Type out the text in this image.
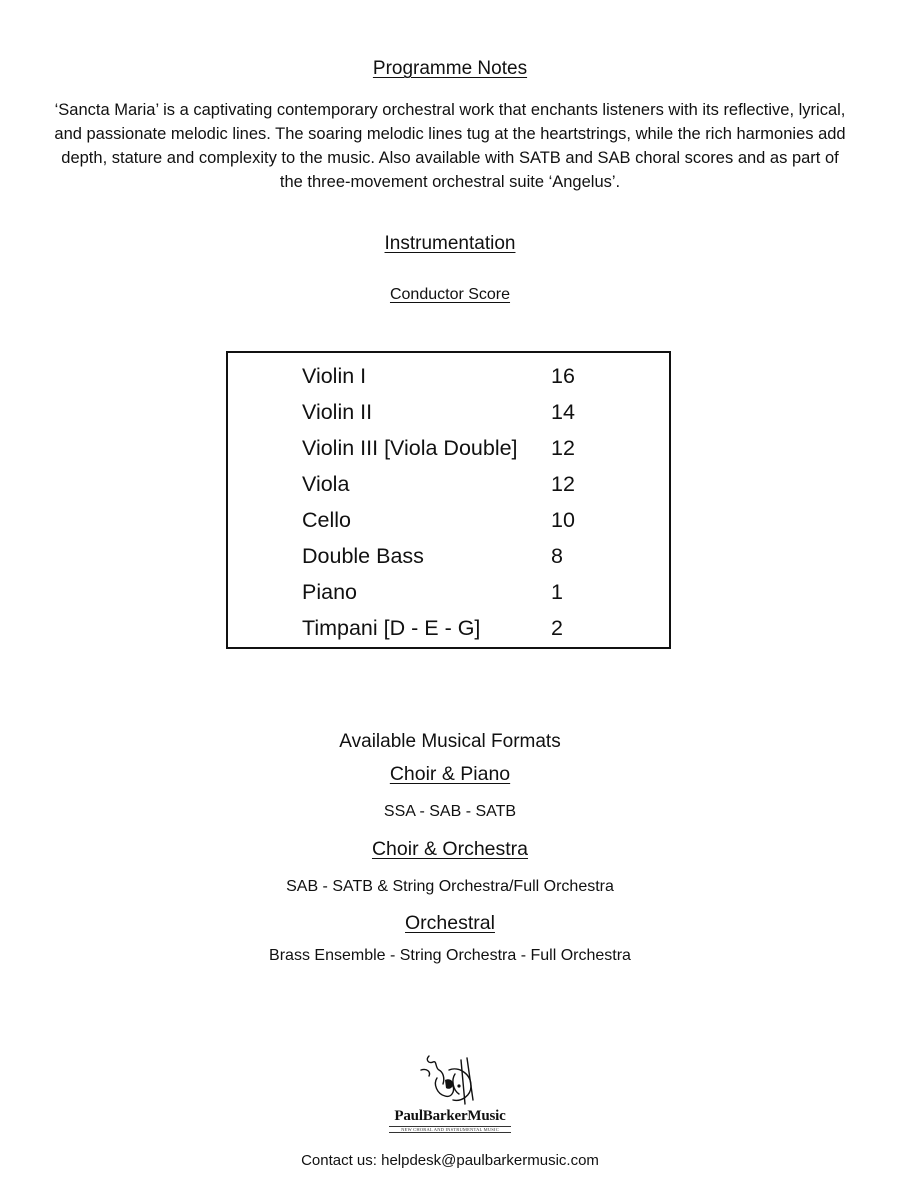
Programme Notes
‘Sancta Maria’ is a captivating contemporary orchestral work that enchants listeners with its reflective, lyrical, and passionate melodic lines. The soaring melodic lines tug at the heartstrings, while the rich harmonies add depth, stature and complexity to the music. Also available with SATB and SAB choral scores and as part of the three-movement orchestral suite ‘Angelus’.
Instrumentation
Conductor Score
Violin I	16
Violin II	14
Violin III [Viola Double] 12
Viola	12
Cello	10
Double Bass	8
Piano	1
Timpani [D - E - G]	2
Available Musical Formats
Choir & Piano
SSA - SAB - SATB
Choir & Orchestra
SAB - SATB & String Orchestra/Full Orchestra
Orchestral
Brass Ensemble - String Orchestra - Full Orchestra
PaulBarkerMusic
NEW CHORAL AND INSTRUMENTAL MUSIC
Contact us: helpdesk@paulbarkermusic.com
